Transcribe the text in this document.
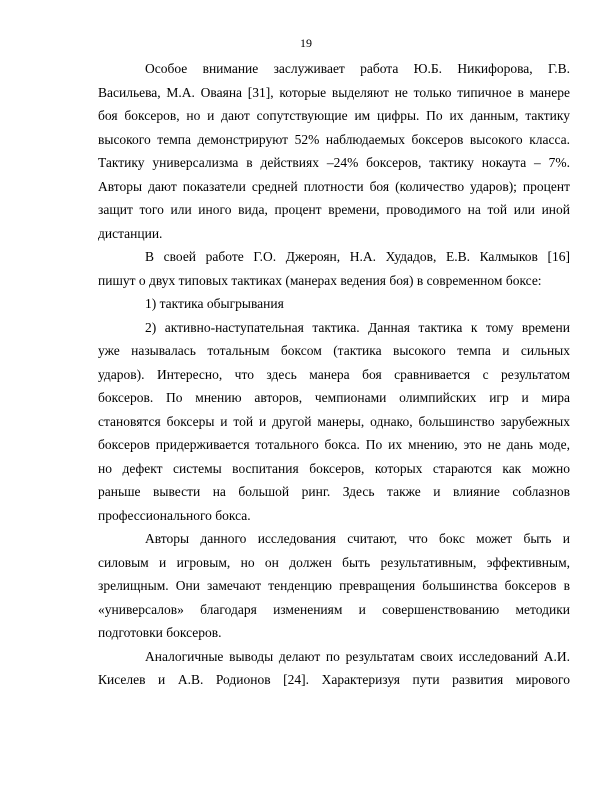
19
Особое внимание заслуживает работа Ю.Б. Никифорова, Г.В.
Васильева, М.А. Оваяна [31], которые выделяют не только типичное в манере
боя боксеров, но и дают сопутствующие им цифры. По их данным, тактику
высокого темпа демонстрируют 52% наблюдаемых боксеров высокого класса.
Тактику универсализма в действиях –24% боксеров, тактику нокаута – 7%.
Авторы дают показатели средней плотности боя (количество ударов); процент
защит того или иного вида, процент времени, проводимого на той или иной
дистанции.
В своей работе Г.О. Джероян, Н.А. Худадов, Е.В. Калмыков [16]
пишут о двух типовых тактиках (манерах ведения боя) в современном боксе:
1) тактика обыгрывания
2) активно-наступательная тактика. Данная тактика к тому времени
уже называлась тотальным боксом (тактика высокого темпа и сильных
ударов). Интересно, что здесь манера боя сравнивается с результатом
боксеров. По мнению авторов, чемпионами олимпийских игр и мира
становятся боксеры и той и другой манеры, однако, большинство зарубежных
боксеров придерживается тотального бокса. По их мнению, это не дань моде,
но дефект системы воспитания боксеров, которых стараются как можно
раньше вывести на большой ринг. Здесь также и влияние соблазнов
профессионального бокса.
Авторы данного исследования считают, что бокс может быть и
силовым и игровым, но он должен быть результативным, эффективным,
зрелищным. Они замечают тенденцию превращения большинства боксеров в
«универсалов» благодаря изменениям и совершенствованию методики
подготовки боксеров.
Аналогичные выводы делают по результатам своих исследований А.И.
Киселев и А.В. Родионов [24]. Характеризуя пути развития мирового
